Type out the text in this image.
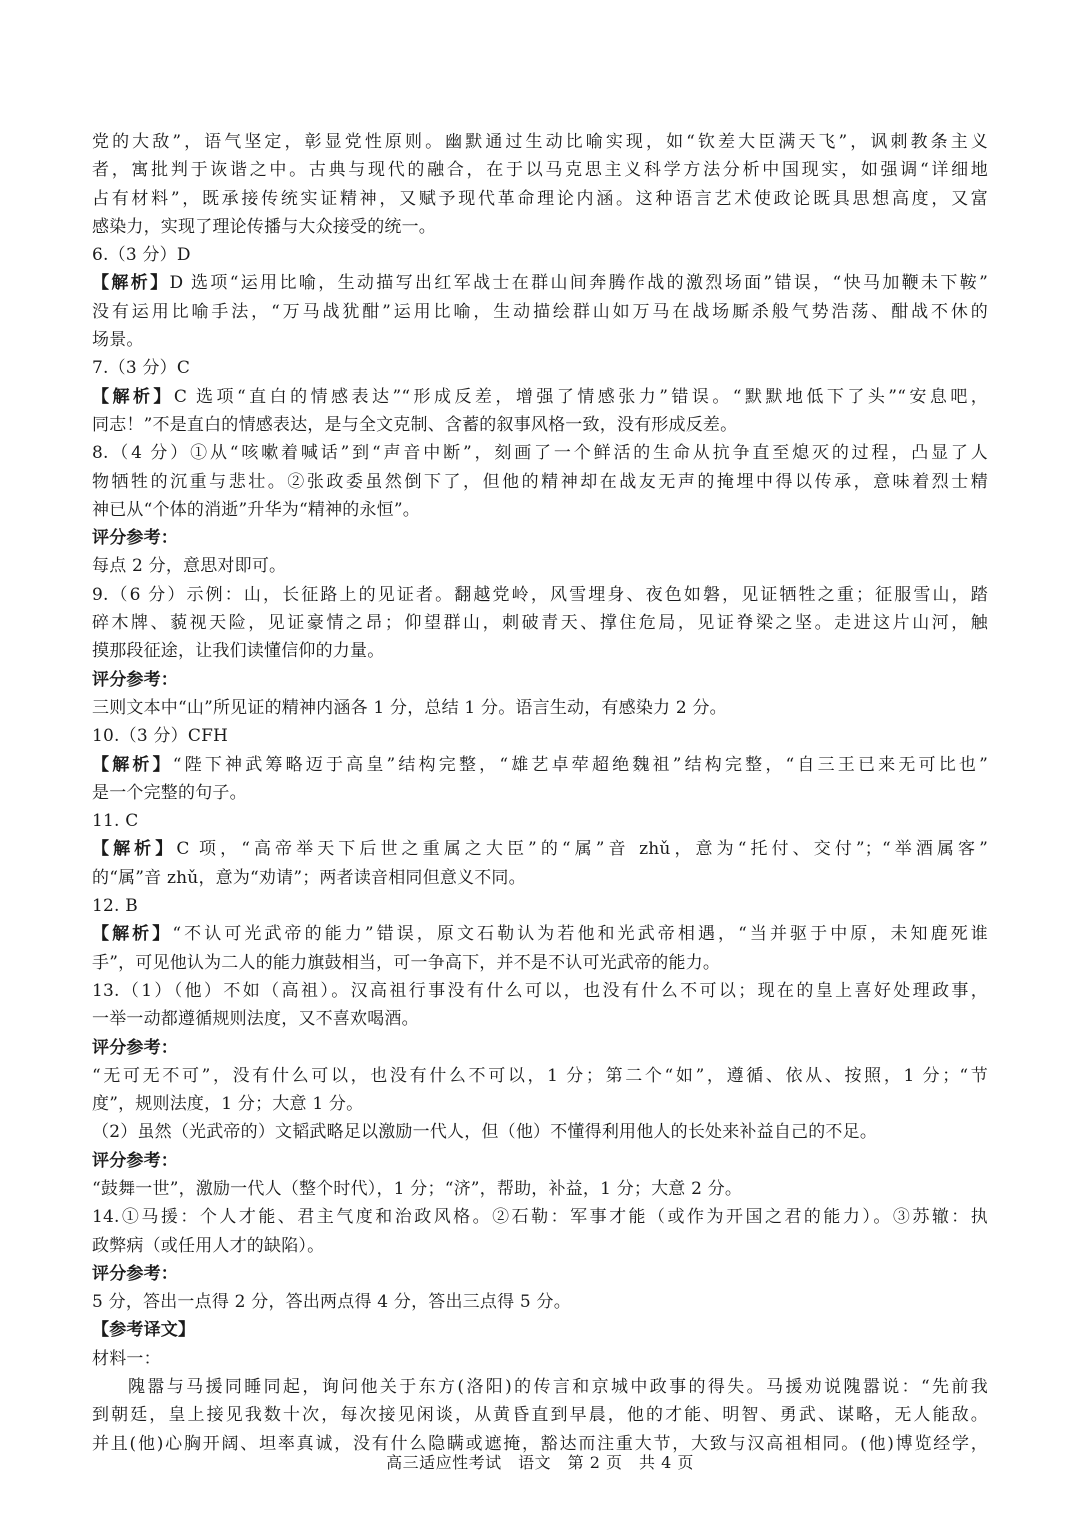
党的大敌”，语气坚定，彰显党性原则。幽默通过生动比喻实现，如“钦差大臣满天飞”，讽刺教条主义
者，寓批判于诙谐之中。古典与现代的融合，在于以马克思主义科学方法分析中国现实，如强调“详细地
占有材料”，既承接传统实证精神，又赋予现代革命理论内涵。这种语言艺术使政论既具思想高度，又富
感染力，实现了理论传播与大众接受的统一。
6.（3 分）D
【解析】D 选项“运用比喻，生动描写出红军战士在群山间奔腾作战的激烈场面”错误，“快马加鞭未下鞍”
没有运用比喻手法，“万马战犹酣”运用比喻，生动描绘群山如万马在战场厮杀般气势浩荡、酣战不休的
场景。
7.（3 分）C
【解析】C 选项“直白的情感表达”“形成反差，增强了情感张力”错误。“默默地低下了头”“安息吧，
同志！”不是直白的情感表达，是与全文克制、含蓄的叙事风格一致，没有形成反差。
8.（4 分）①从“咳嗽着喊话”到“声音中断”，刻画了一个鲜活的生命从抗争直至熄灭的过程，凸显了人
物牺牲的沉重与悲壮。②张政委虽然倒下了，但他的精神却在战友无声的掩埋中得以传承，意味着烈士精
神已从“个体的消逝”升华为“精神的永恒”。
评分参考：
每点 2 分，意思对即可。
9.（6 分）示例：山，长征路上的见证者。翻越党岭，风雪埋身、夜色如磐，见证牺牲之重；征服雪山，踏
碎木牌、藐视天险，见证豪情之昂；仰望群山，刺破青天、撑住危局，见证脊梁之坚。走进这片山河，触
摸那段征途，让我们读懂信仰的力量。
评分参考：
三则文本中“山”所见证的精神内涵各 1 分，总结 1 分。语言生动，有感染力 2 分。
10.（3 分）CFH
【解析】“陛下神武筹略迈于高皇”结构完整，“雄艺卓荦超绝魏祖”结构完整，“自三王已来无可比也”
是一个完整的句子。
11. C
【解析】C 项，“高帝举天下后世之重属之大臣”的“属”音 zhǔ，意为“托付、交付”；“举酒属客”
的“属”音 zhǔ，意为“劝请”；两者读音相同但意义不同。
12. B
【解析】“不认可光武帝的能力”错误，原文石勒认为若他和光武帝相遇，“当并驱于中原，未知鹿死谁
手”，可见他认为二人的能力旗鼓相当，可一争高下，并不是不认可光武帝的能力。
13.（1）（他）不如（高祖）。汉高祖行事没有什么可以，也没有什么不可以；现在的皇上喜好处理政事，
一举一动都遵循规则法度，又不喜欢喝酒。
评分参考：
“无可无不可”，没有什么可以，也没有什么不可以，1 分；第二个“如”，遵循、依从、按照，1 分；“节
度”，规则法度，1 分；大意 1 分。
（2）虽然（光武帝的）文韬武略足以激励一代人，但（他）不懂得利用他人的长处来补益自己的不足。
评分参考：
“鼓舞一世”，激励一代人（整个时代），1 分；“济”，帮助，补益，1 分；大意 2 分。
14.①马援：个人才能、君主气度和治政风格。②石勒：军事才能（或作为开国之君的能力）。③苏辙：执
政弊病（或任用人才的缺陷）。
评分参考：
5 分，答出一点得 2 分，答出两点得 4 分，答出三点得 5 分。
【参考译文】
材料一：
隗嚣与马援同睡同起，询问他关于东方(洛阳)的传言和京城中政事的得失。马援劝说隗嚣说：“先前我
到朝廷，皇上接见我数十次，每次接见闲谈，从黄昏直到早晨，他的才能、明智、勇武、谋略，无人能敌。
并且(他)心胸开阔、坦率真诚，没有什么隐瞒或遮掩，豁达而注重大节，大致与汉高祖相同。(他)博览经学，
高三适应性考试　语文　第 2 页　共 4 页
